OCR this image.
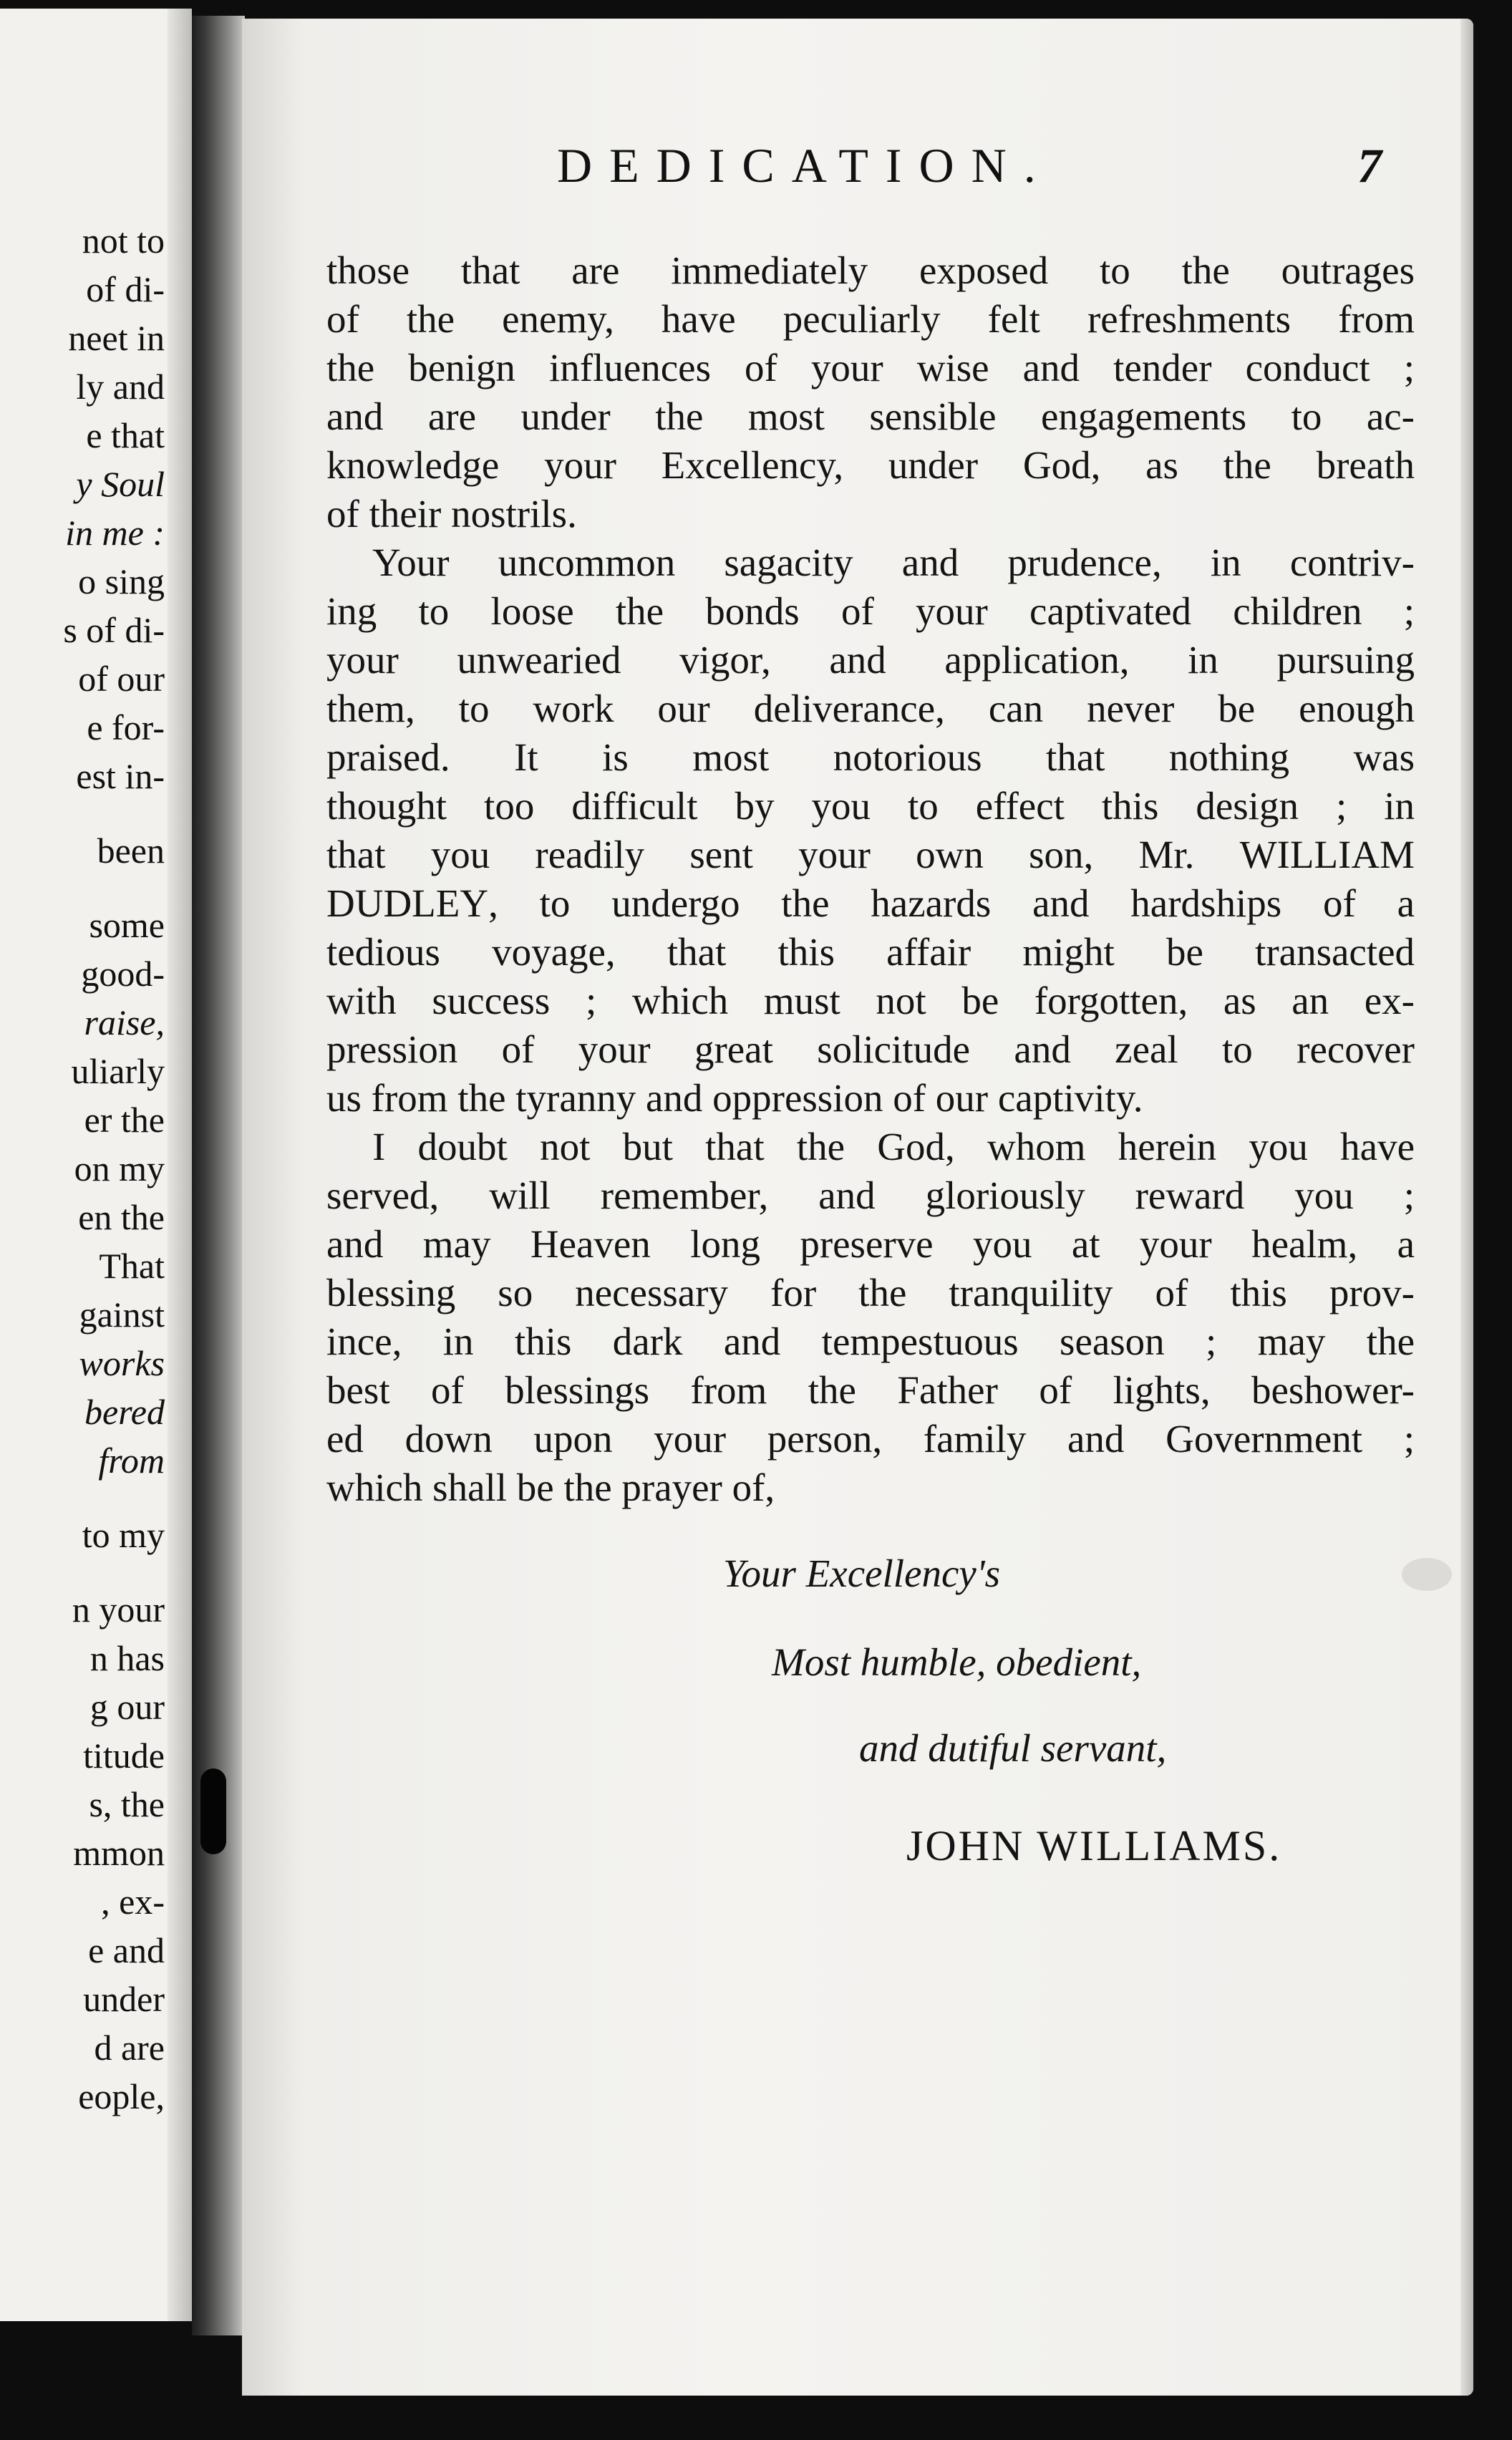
not to
of di-
neet in
ly and
e that
y Soul
in me :
o sing
s of di-
of our
e for-
est in-
been
some
good-
raise,
uliarly
er the
on my
en the
That
gainst
works
bered
from
to my
n your
n has
g our
titude
s, the
mmon
, ex-
e and
under
d are
eople,
DEDICATION.	7
those that are immediately exposed to the outrages
of the enemy, have peculiarly felt refreshments from
the benign influences of your wise and tender conduct ;
and are under the most sensible engagements to ac-
knowledge your Excellency, under God, as the breath
of their nostrils.
Your uncommon sagacity and prudence, in contriv-
ing to loose the bonds of your captivated children ;
your unwearied vigor, and application, in pursuing
them, to work our deliverance, can never be enough
praised. It is most notorious that nothing was
thought too difficult by you to effect this design ; in
that you readily sent your own son, Mr. WILLIAM
DUDLEY, to undergo the hazards and hardships of a
tedious voyage, that this affair might be transacted
with success ; which must not be forgotten, as an ex-
pression of your great solicitude and zeal to recover
us from the tyranny and oppression of our captivity.
I doubt not but that the God, whom herein you have
served, will remember, and gloriously reward you ;
and may Heaven long preserve you at your healm, a
blessing so necessary for the tranquility of this prov-
ince, in this dark and tempestuous season ; may the
best of blessings from the Father of lights, beshower-
ed down upon your person, family and Government ;
which shall be the prayer of,
Your Excellency's
Most humble, obedient,
and dutiful servant,
JOHN WILLIAMS.
